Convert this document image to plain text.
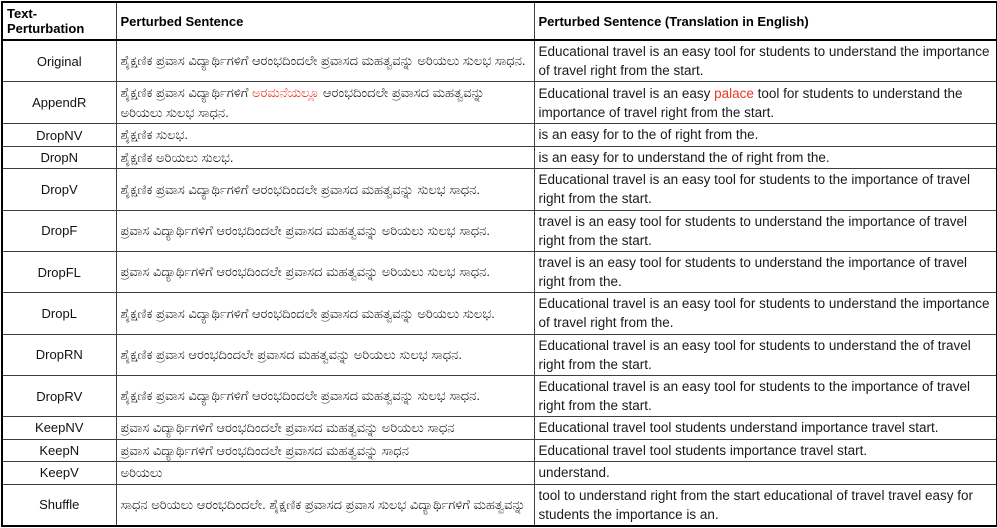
Text-Perturbation	Perturbed Sentence	Perturbed Sentence (Translation in English)
Original	ಶೈಕ್ಷಣಿಕ ಪ್ರವಾಸ ವಿದ್ಯಾರ್ಥಿಗಳಿಗೆ ಆರಂಭದಿಂದಲೇ ಪ್ರವಾಸದ ಮಹತ್ವವನ್ನು ಅರಿಯಲು ಸುಲಭ ಸಾಧನ.	Educational travel is an easy tool for students to understand the importance of travel right from the start.
AppendR	ಶೈಕ್ಷಣಿಕ ಪ್ರವಾಸ ವಿದ್ಯಾರ್ಥಿಗಳಿಗೆ ಅರಮನೆಯಲ್ಲೂ ಆರಂಭದಿಂದಲೇ ಪ್ರವಾಸದ ಮಹತ್ವವನ್ನು ಅರಿಯಲು ಸುಲಭ ಸಾಧನ.	Educational travel is an easy palace tool for students to understand the importance of travel right from the start.
DropNV	ಶೈಕ್ಷಣಿಕ ಸುಲಭ.	is an easy for to the of right from the.
DropN	ಶೈಕ್ಷಣಿಕ ಅರಿಯಲು ಸುಲಭ.	is an easy for to understand the of right from the.
DropV	ಶೈಕ್ಷಣಿಕ ಪ್ರವಾಸ ವಿದ್ಯಾರ್ಥಿಗಳಿಗೆ ಆರಂಭದಿಂದಲೇ ಪ್ರವಾಸದ ಮಹತ್ವವನ್ನು ಸುಲಭ ಸಾಧನ.	Educational travel is an easy tool for students to the importance of travel right from the start.
DropF	ಪ್ರವಾಸ ವಿದ್ಯಾರ್ಥಿಗಳಿಗೆ ಆರಂಭದಿಂದಲೇ ಪ್ರವಾಸದ ಮಹತ್ವವನ್ನು ಅರಿಯಲು ಸುಲಭ ಸಾಧನ.	travel is an easy tool for students to understand the importance of travel right from the start.
DropFL	ಪ್ರವಾಸ ವಿದ್ಯಾರ್ಥಿಗಳಿಗೆ ಆರಂಭದಿಂದಲೇ ಪ್ರವಾಸದ ಮಹತ್ವವನ್ನು ಅರಿಯಲು ಸುಲಭ ಸಾಧನ.	travel is an easy tool for students to understand the importance of travel right from the.
DropL	ಶೈಕ್ಷಣಿಕ ಪ್ರವಾಸ ವಿದ್ಯಾರ್ಥಿಗಳಿಗೆ ಆರಂಭದಿಂದಲೇ ಪ್ರವಾಸದ ಮಹತ್ವವನ್ನು ಅರಿಯಲು ಸುಲಭ.	Educational travel is an easy tool for students to understand the importance of travel right from the.
DropRN	ಶೈಕ್ಷಣಿಕ ಪ್ರವಾಸ ಆರಂಭದಿಂದಲೇ ಪ್ರವಾಸದ ಮಹತ್ವವನ್ನು ಅರಿಯಲು ಸುಲಭ ಸಾಧನ.	Educational travel is an easy tool for students to understand the of travel right from the start.
DropRV	ಶೈಕ್ಷಣಿಕ ಪ್ರವಾಸ ವಿದ್ಯಾರ್ಥಿಗಳಿಗೆ ಆರಂಭದಿಂದಲೇ ಪ್ರವಾಸದ ಮಹತ್ವವನ್ನು ಸುಲಭ ಸಾಧನ.	Educational travel is an easy tool for students to the importance of travel right from the start.
KeepNV	ಪ್ರವಾಸ ವಿದ್ಯಾರ್ಥಿಗಳಿಗೆ ಆರಂಭದಿಂದಲೇ ಪ್ರವಾಸದ ಮಹತ್ವವನ್ನು ಅರಿಯಲು ಸಾಧನ	Educational travel tool students understand importance travel start.
KeepN	ಪ್ರವಾಸ ವಿದ್ಯಾರ್ಥಿಗಳಿಗೆ ಆರಂಭದಿಂದಲೇ ಪ್ರವಾಸದ ಮಹತ್ವವನ್ನು ಸಾಧನ	Educational travel tool students importance travel start.
KeepV	ಅರಿಯಲು	understand.
Shuffle	ಸಾಧನ ಅರಿಯಲು ಆರಂಭದಿಂದಲೇ. ಶೈಕ್ಷಣಿಕ ಪ್ರವಾಸದ ಪ್ರವಾಸ ಸುಲಭ ವಿದ್ಯಾರ್ಥಿಗಳಿಗೆ ಮಹತ್ವವನ್ನು	tool to understand right from the start educational of travel travel easy for students the importance is an.
